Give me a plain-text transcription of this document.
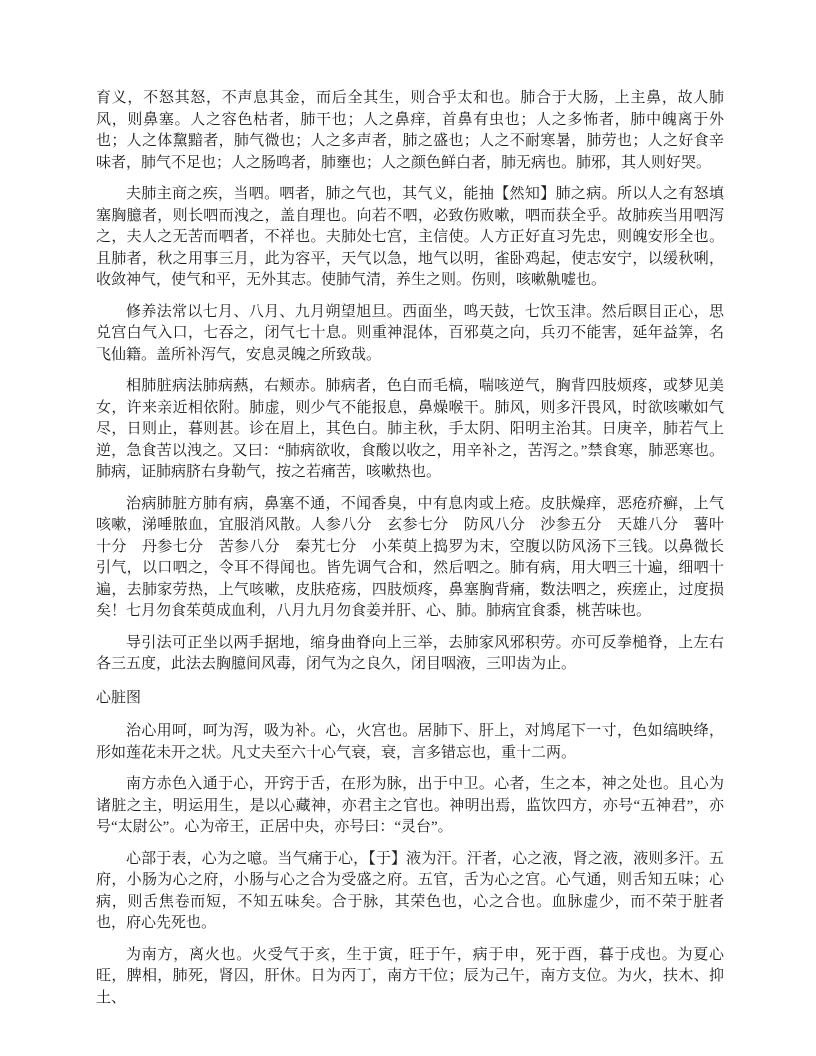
育义，不怒其怒，不声息其金，而后全其生，则合乎太和也。肺合于大肠，上主鼻，故人肺风，则鼻塞。人之容色枯者，肺干也；人之鼻痒，首鼻有虫也；人之多怖者，肺中魄离于外也；人之体黧黯者，肺气微也；人之多声者，肺之盛也；人之不耐寒暑，肺劳也；人之好食辛味者，肺气不足也；人之肠鸣者，肺壅也；人之颜色鲜白者，肺无病也。肺邪，其人则好哭。

夫肺主商之疾，当呬。呬者，肺之气也，其气义，能抽【然知】肺之病。所以人之有怒填塞胸臆者，则长呬而洩之，盖自理也。向若不呬，必致伤败嗽，呬而获全乎。故肺疾当用呬泻之，夫人之无苦而呬者，不祥也。夫肺处七宫，主信使。人方正好直习先忠，则魄安形全也。且肺者，秋之用事三月，此为容平，天气以急，地气以明，雀卧鸡起，使志安宁，以缓秋唎，收敛神气，使气和平，无外其志。使肺气清，养生之则。伤则，咳嗽鼽嘘也。

修养法常以七月、八月、九月朔望旭旦。西面坐，鸣天鼓，七饮玉津。然后瞑目正心，思兑宫白气入口，七吞之，闭气七十息。则重神混体，百邪莫之向，兵刃不能害，延年益筭，名飞仙籍。盖所补泻气，安息灵魄之所致哉。

相肺脏病法肺病爇，右颊赤。肺病者，色白而毛槁，喘咳逆气，胸背四肢烦疼，或梦见美女，许来亲近相依附。肺虚，则少气不能报息，鼻燥喉干。肺风，则多汗畏风，时欲咳嗽如气尽，日则止，暮则甚。诊在眉上，其色白。肺主秋，手太阴、阳明主治其。日庚辛，肺若气上逆，急食苦以洩之。又曰：“肺病欲收，食酸以收之，用辛补之，苦泻之。”禁食寒，肺恶寒也。肺病，证肺病脐右身勒气，按之若痛苦，咳嗽热也。

治病肺脏方肺有病，鼻塞不通，不闻香臭，中有息肉或上疮。皮肤燥痒，恶疮疥癣，上气咳嗽，涕唾脓血，宜服消风散。人参八分　玄参七分　防风八分　沙参五分　天雄八分　薯叶十分　丹参七分　苦参八分　秦艽七分　小茱萸上捣罗为末，空腹以防风汤下三钱。以鼻微长引气，以口呬之，令耳不得闻也。皆先调气合和，然后呬之。肺有病，用大呬三十遍，细呬十遍，去肺家劳热，上气咳嗽，皮肤疮疡，四肢烦疼，鼻塞胸背痛，数法呬之，疾瘥止，过度损矣！七月勿食茱萸成血利，八月九月勿食姜并肝、心、肺。肺病宜食黍，桃苦味也。

导引法可正坐以两手据地，缩身曲脊向上三举，去肺家风邪积劳。亦可反拳槌脊，上左右各三五度，此法去胸臆间风毒，闭气为之良久，闭目咽液，三叩齿为止。

心脏图

治心用呵，呵为泻，吸为补。心，火宫也。居肺下、肝上，对鸠尾下一寸，色如缟映绛，形如莲花未开之状。凡丈夫至六十心气衰，衰，言多错忘也，重十二两。

南方赤色入通于心，开窍于舌，在形为脉，出于中卫。心者，生之本，神之处也。且心为诸脏之主，明运用生，是以心藏神，亦君主之官也。神明出焉，监饮四方，亦号“五神君”，亦号“太尉公”。心为帝王，正居中央，亦号曰：“灵台”。

心部于表，心为之噫。当气痛于心，【于】液为汗。汗者，心之液，肾之液，液则多汗。五府，小肠为心之府，小肠与心之合为受盛之府。五官，舌为心之宫。心气通，则舌知五味；心病，则舌焦卷而短，不知五味矣。合于脉，其荣色也，心之合也。血脉虚少，而不荣于脏者也，府心先死也。

为南方，离火也。火受气于亥，生于寅，旺于午，病于申，死于酉，暮于戌也。为夏心旺，脾相，肺死，肾囚，肝休。日为丙丁，南方干位；辰为己午，南方支位。为火，扶木、抑土、
